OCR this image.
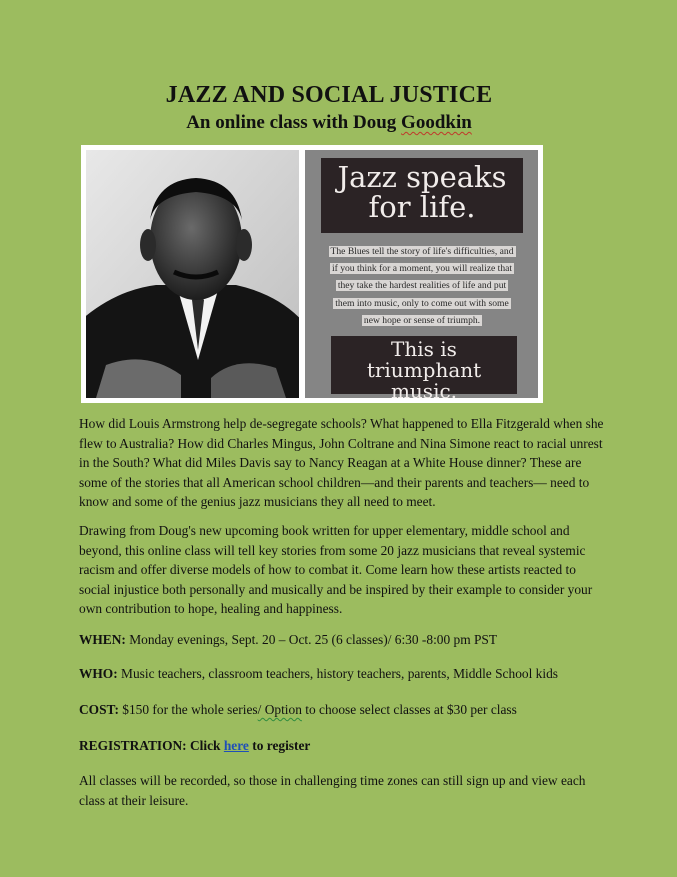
JAZZ AND SOCIAL JUSTICE
An online class with Doug Goodkin
Jazz speaks
for life.
The Blues tell the story of life's difficulties, and
if you think for a moment, you will realize that
they take the hardest realities of life and put
them into music, only to come out with some
new hope or sense of triumph.
This is triumphant
music.
How did Louis Armstrong help de-segregate schools? What happened to Ella Fitzgerald when she flew to Australia? How did Charles Mingus, John Coltrane and Nina Simone react to racial unrest in the South? What did Miles Davis say to Nancy Reagan at a White House dinner? These are some of the stories that all American school children—and their parents and teachers— need to know and some of the genius jazz musicians they all need to meet.
Drawing from Doug's new upcoming book written for upper elementary, middle school and beyond, this online class will tell key stories from some 20 jazz musicians that reveal systemic racism and offer diverse models of how to combat it. Come learn how these artists reacted to social injustice both personally and musically and be inspired by their example to consider your own contribution to hope, healing and happiness.
WHEN: Monday evenings, Sept. 20 – Oct. 25 (6 classes)/ 6:30 -8:00 pm PST
WHO: Music teachers, classroom teachers, history teachers, parents, Middle School kids
COST: $150 for the whole series/ Option to choose select classes at $30 per class
REGISTRATION: Click here to register
All classes will be recorded, so those in challenging time zones can still sign up and view each class at their leisure.
